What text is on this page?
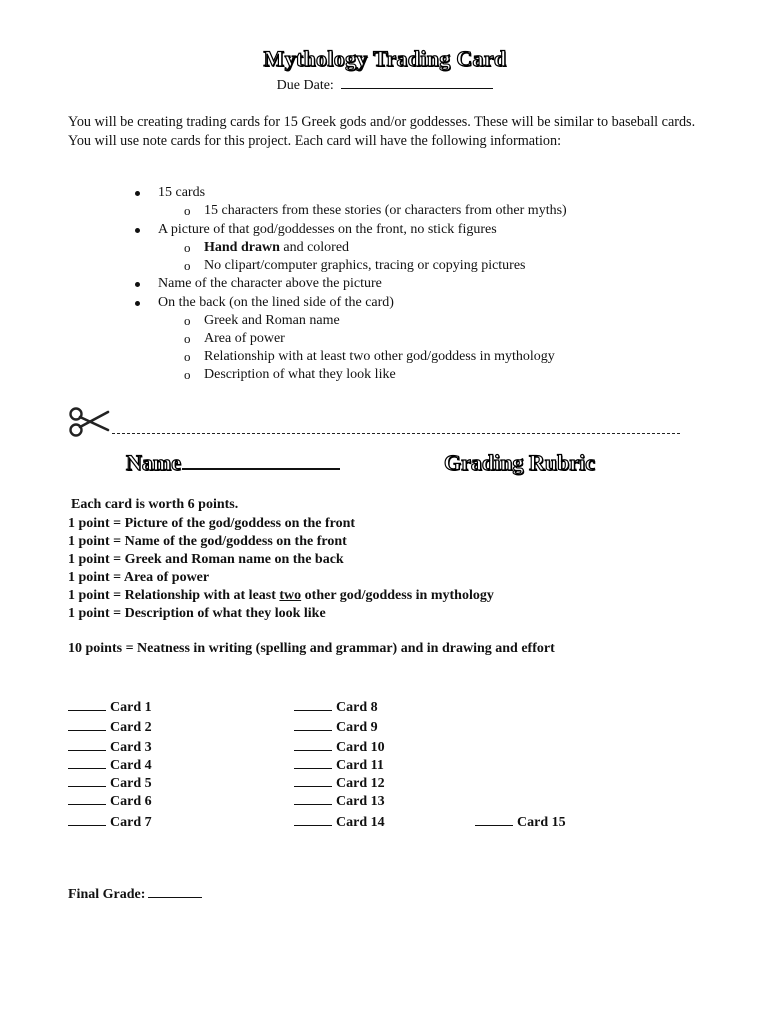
Mythology Trading Card
Due Date:
You will be creating trading cards for 15 Greek gods and/or goddesses. These will be similar to baseball cards. You will use note cards for this project. Each card will have the following information:
15 cards
o 15 characters from these stories (or characters from other myths)
A picture of that god/goddesses on the front, no stick figures
o Hand drawn and colored
o No clipart/computer graphics, tracing or copying pictures
Name of the character above the picture
On the back (on the lined side of the card)
o Greek and Roman name
o Area of power
o Relationship with at least two other god/goddess in mythology
o Description of what they look like
Name	Grading Rubric
Each card is worth 6 points.
1 point = Picture of the god/goddess on the front
1 point = Name of the god/goddess on the front
1 point = Greek and Roman name on the back
1 point = Area of power
1 point = Relationship with at least two other god/goddess in mythology
1 point = Description of what they look like
10 points = Neatness in writing (spelling and grammar) and in drawing and effort
Card 1
Card 2
Card 3
Card 4
Card 5
Card 6
Card 7
Card 8
Card 9
Card 10
Card 11
Card 12
Card 13
Card 14	Card 15
Final Grade:
